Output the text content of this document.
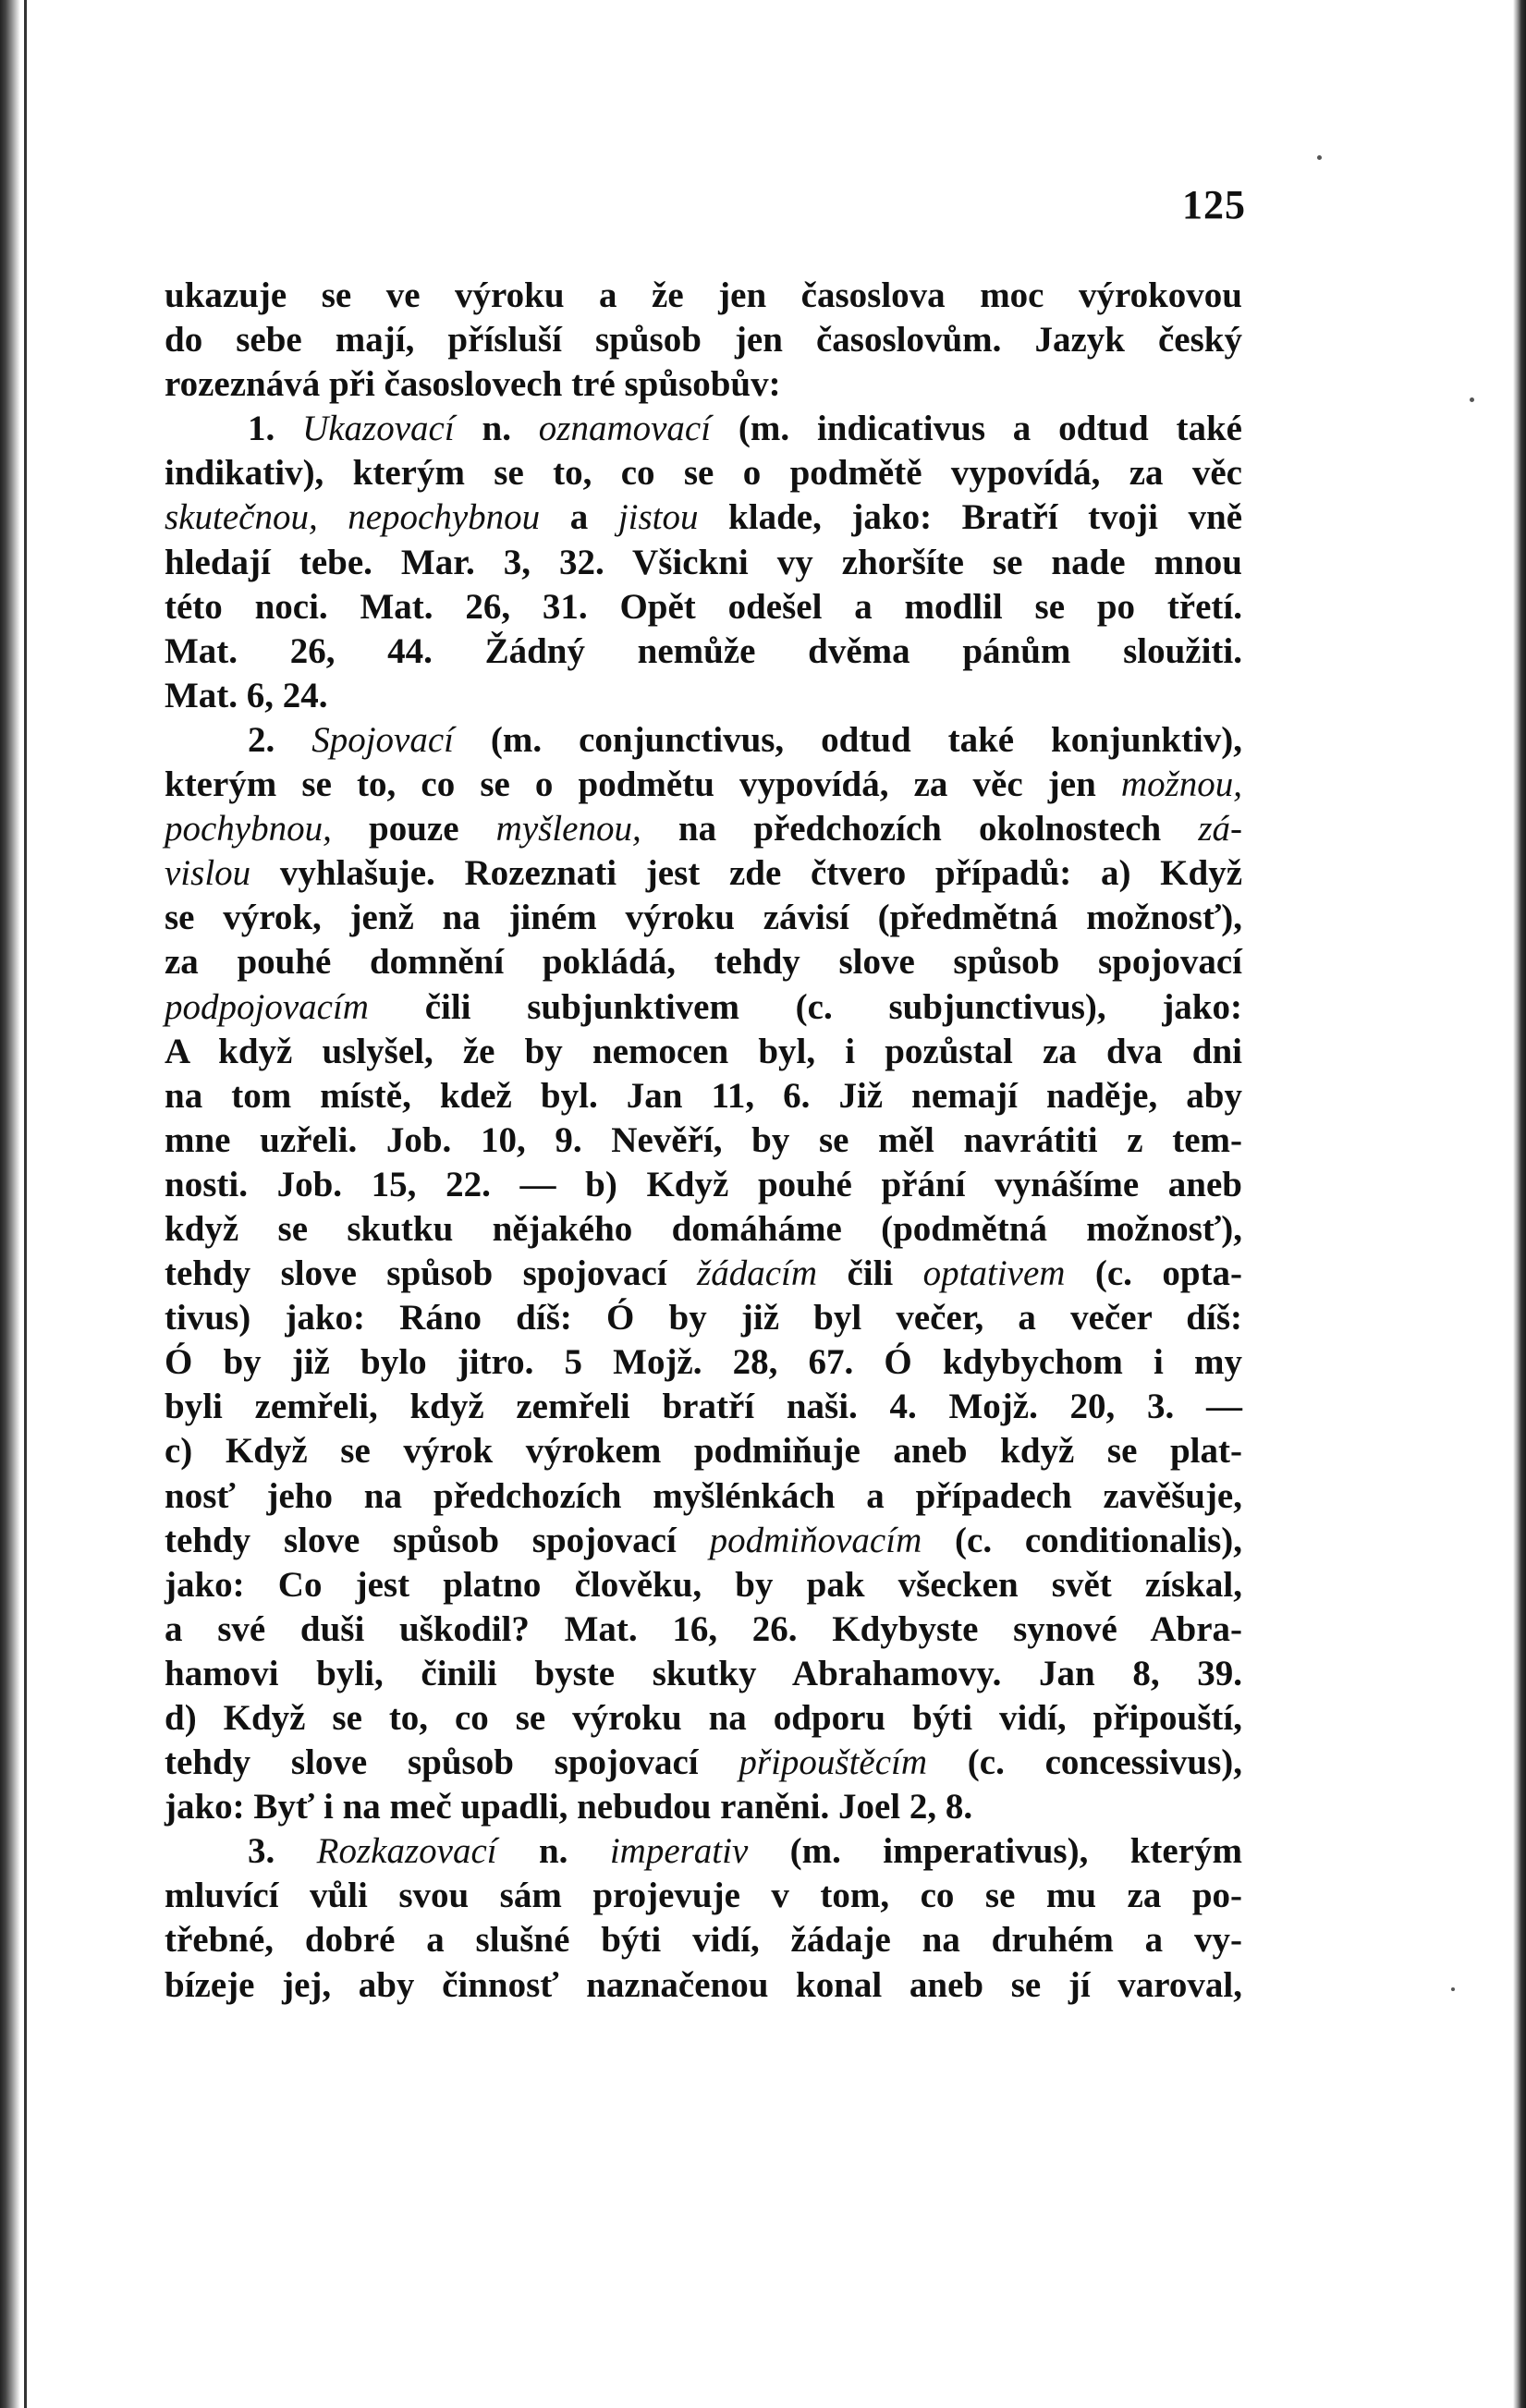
125
ukazuje se ve výroku a že jen časoslova moc výrokovou
do sebe mají, přísluší spůsob jen časoslovům. Jazyk český
rozeznává při časoslovech tré spůsobův:
1. Ukazovací n. oznamovací (m. indicativus a odtud také
indikativ), kterým se to, co se o podmětě vypovídá, za věc
skutečnou, nepochybnou a jistou klade, jako: Bratří tvoji vně
hledají tebe. Mar. 3, 32. Všickni vy zhoršíte se nade mnou
této noci. Mat. 26, 31. Opět odešel a modlil se po třetí.
Mat. 26, 44. Žádný nemůže dvěma pánům sloužiti.
Mat. 6, 24.
2. Spojovací (m. conjunctivus, odtud také konjunktiv),
kterým se to, co se o podmětu vypovídá, za věc jen možnou,
pochybnou, pouze myšlenou, na předchozích okolnostech zá-
vislou vyhlašuje. Rozeznati jest zde čtvero případů: a) Když
se výrok, jenž na jiném výroku závisí (předmětná možnosť),
za pouhé domnění pokládá, tehdy slove spůsob spojovací
podpojovacím čili subjunktivem (c. subjunctivus), jako:
A když uslyšel, že by nemocen byl, i pozůstal za dva dni
na tom místě, kdež byl. Jan 11, 6. Již nemají naděje, aby
mne uzřeli. Job. 10, 9. Nevěří, by se měl navrátiti z tem-
nosti. Job. 15, 22. — b) Když pouhé přání vynášíme aneb
když se skutku nějakého domáháme (podmětná možnosť),
tehdy slove spůsob spojovací žádacím čili optativem (c. opta-
tivus) jako: Ráno díš: Ó by již byl večer, a večer díš:
Ó by již bylo jitro. 5 Mojž. 28, 67. Ó kdybychom i my
byli zemřeli, když zemřeli bratří naši. 4. Mojž. 20, 3. —
c) Když se výrok výrokem podmiňuje aneb když se plat-
nosť jeho na předchozích myšlénkách a případech zavěšuje,
tehdy slove spůsob spojovací podmiňovacím (c. conditionalis),
jako: Co jest platno člověku, by pak všecken svět získal,
a své duši uškodil? Mat. 16, 26. Kdybyste synové Abra-
hamovi byli, činili byste skutky Abrahamovy. Jan 8, 39.
d) Když se to, co se výroku na odporu býti vidí, připouští,
tehdy slove spůsob spojovací připouštěcím (c. concessivus),
jako: Byť i na meč upadli, nebudou raněni. Joel 2, 8.
3. Rozkazovací n. imperativ (m. imperativus), kterým
mluvící vůli svou sám projevuje v tom, co se mu za po-
třebné, dobré a slušné býti vidí, žádaje na druhém a vy-
bízeje jej, aby činnosť naznačenou konal aneb se jí varoval,
